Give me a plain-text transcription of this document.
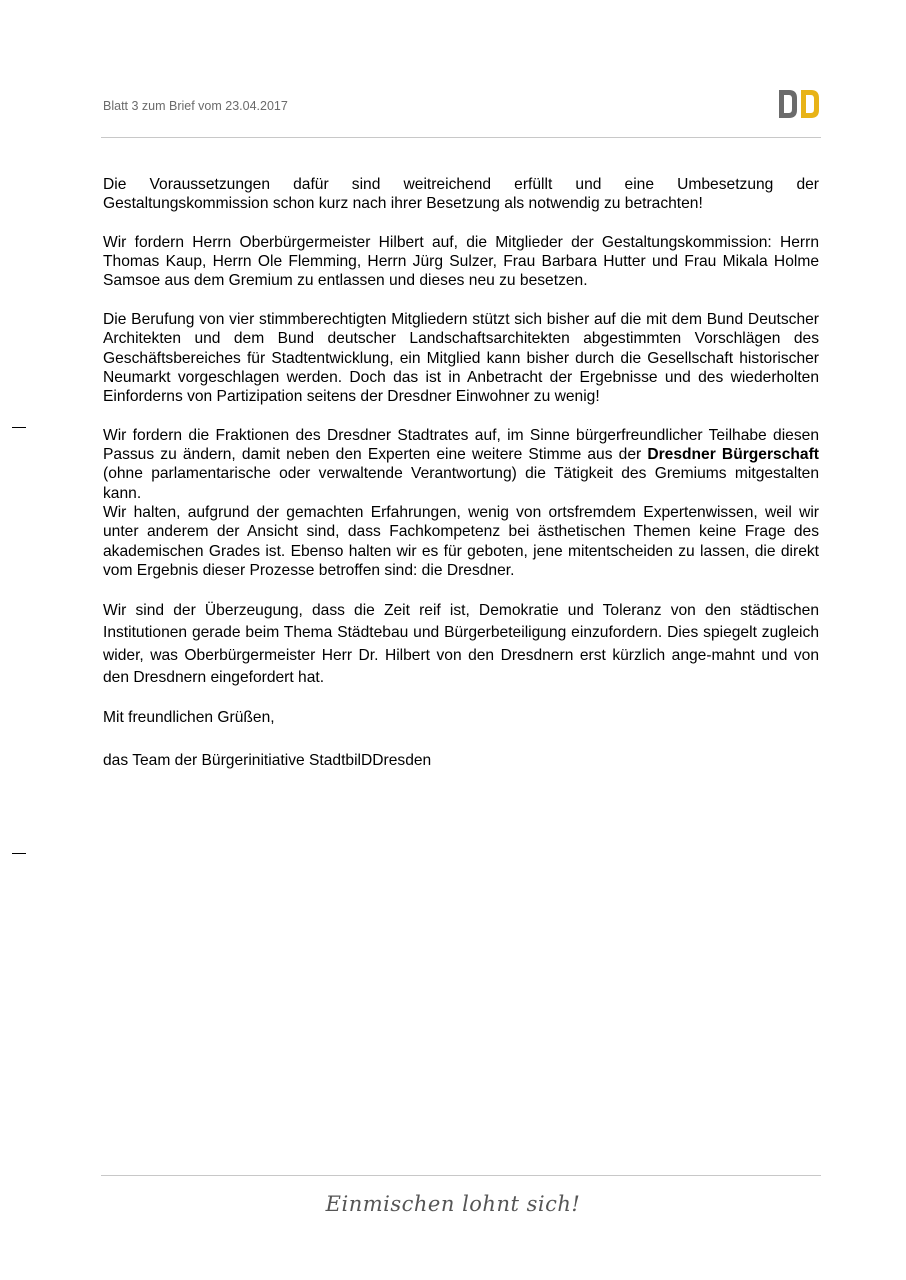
Blatt 3 zum Brief vom 23.04.2017

Die Voraussetzungen dafür sind weitreichend erfüllt und eine Umbesetzung der Gestaltungskommission schon kurz nach ihrer Besetzung als notwendig zu betrachten!

Wir fordern Herrn Oberbürgermeister Hilbert auf, die Mitglieder der Gestaltungskommission: Herrn Thomas Kaup, Herrn Ole Flemming, Herrn Jürg Sulzer, Frau Barbara Hutter und Frau Mikala Holme Samsoe aus dem Gremium zu entlassen und dieses neu zu besetzen.

Die Berufung von vier stimmberechtigten Mitgliedern stützt sich bisher auf die mit dem Bund Deutscher Architekten und dem Bund deutscher Landschaftsarchitekten abgestimmten Vorschlägen des Geschäftsbereiches für Stadtentwicklung, ein Mitglied kann bisher durch die Gesellschaft historischer Neumarkt vorgeschlagen werden. Doch das ist in Anbetracht der Ergebnisse und des wiederholten Einforderns von Partizipation seitens der Dresdner Einwohner zu wenig!

Wir fordern die Fraktionen des Dresdner Stadtrates auf, im Sinne bürgerfreundlicher Teilhabe diesen Passus zu ändern, damit neben den Experten eine weitere Stimme aus der Dresdner Bürgerschaft (ohne parlamentarische oder verwaltende Verantwortung) die Tätigkeit des Gremiums mitgestalten kann.

Wir halten, aufgrund der gemachten Erfahrungen, wenig von ortsfremdem Expertenwissen, weil wir unter anderem der Ansicht sind, dass Fachkompetenz bei ästhetischen Themen keine Frage des akademischen Grades ist. Ebenso halten wir es für geboten, jene mitentscheiden zu lassen, die direkt vom Ergebnis dieser Prozesse betroffen sind: die Dresdner.

Wir sind der Überzeugung, dass die Zeit reif ist, Demokratie und Toleranz von den städtischen Institutionen gerade beim Thema Städtebau und Bürgerbeteiligung einzufordern. Dies spiegelt zugleich wider, was Oberbürgermeister Herr Dr. Hilbert von den Dresdnern erst kürzlich ange-mahnt und von den Dresdnern eingefordert hat.

Mit freundlichen Grüßen,

das Team der Bürgerinitiative StadtbilDDresden

Einmischen lohnt sich!
